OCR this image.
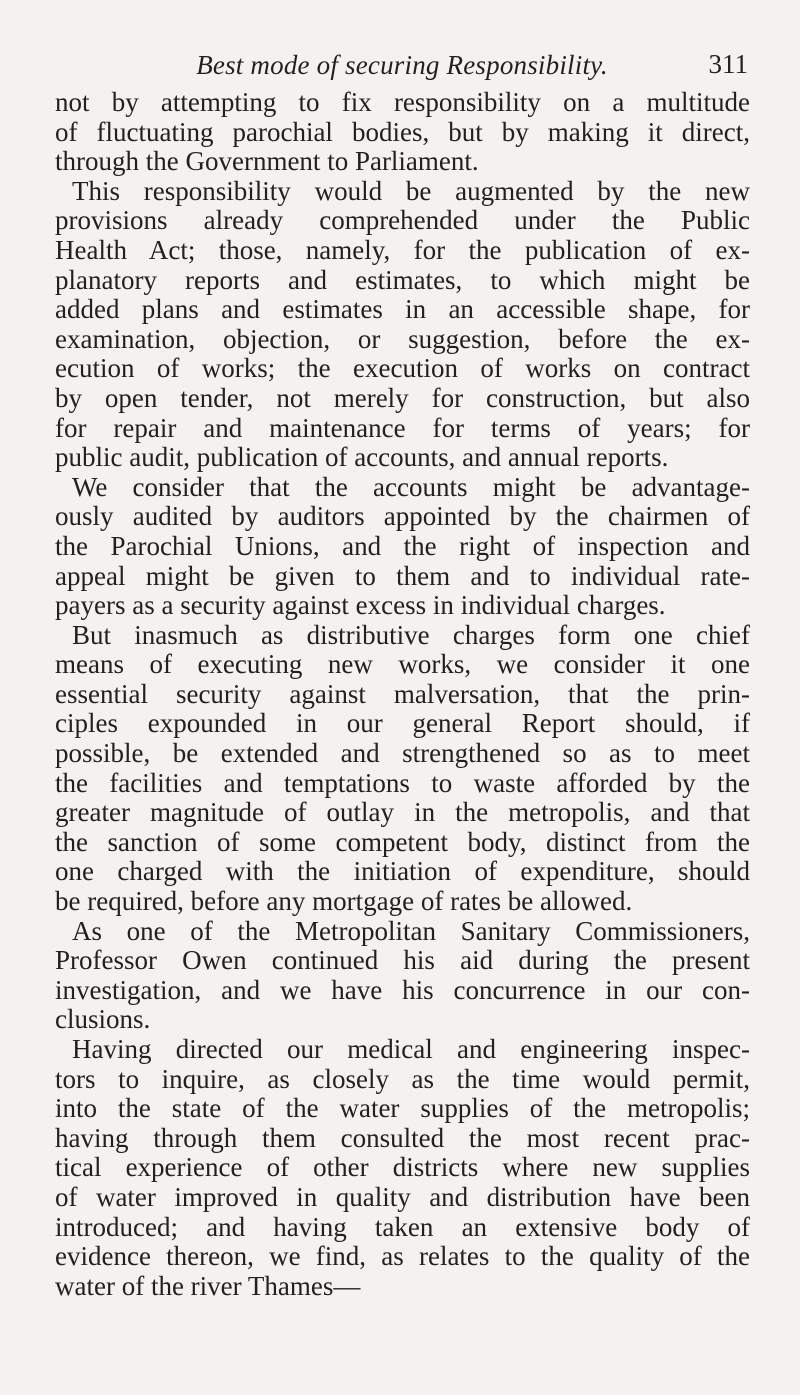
Best mode of securing Responsibility.	311
not by attempting to fix responsibility on a multitude
of fluctuating parochial bodies, but by making it direct,
through the Government to Parliament.
This responsibility would be augmented by the new
provisions already comprehended under the Public
Health Act; those, namely, for the publication of ex-
planatory reports and estimates, to which might be
added plans and estimates in an accessible shape, for
examination, objection, or suggestion, before the ex-
ecution of works; the execution of works on contract
by open tender, not merely for construction, but also
for repair and maintenance for terms of years; for
public audit, publication of accounts, and annual reports.
We consider that the accounts might be advantage-
ously audited by auditors appointed by the chairmen of
the Parochial Unions, and the right of inspection and
appeal might be given to them and to individual rate-
payers as a security against excess in individual charges.
But inasmuch as distributive charges form one chief
means of executing new works, we consider it one
essential security against malversation, that the prin-
ciples expounded in our general Report should, if
possible, be extended and strengthened so as to meet
the facilities and temptations to waste afforded by the
greater magnitude of outlay in the metropolis, and that
the sanction of some competent body, distinct from the
one charged with the initiation of expenditure, should
be required, before any mortgage of rates be allowed.
As one of the Metropolitan Sanitary Commissioners,
Professor Owen continued his aid during the present
investigation, and we have his concurrence in our con-
clusions.
Having directed our medical and engineering inspec-
tors to inquire, as closely as the time would permit,
into the state of the water supplies of the metropolis;
having through them consulted the most recent prac-
tical experience of other districts where new supplies
of water improved in quality and distribution have been
introduced; and having taken an extensive body of
evidence thereon, we find, as relates to the quality of the
water of the river Thames—
